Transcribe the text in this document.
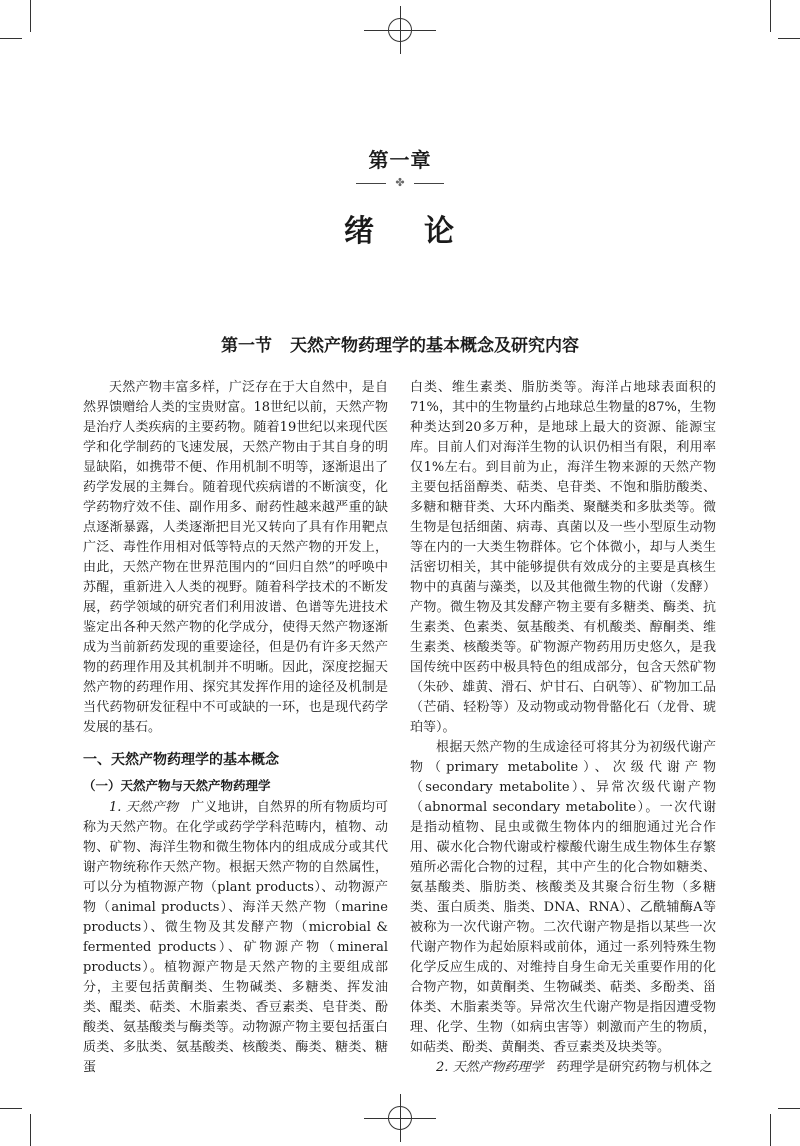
第一章
✤
绪 论
第一节 天然产物药理学的基本概念及研究内容

天然产物丰富多样，广泛存在于大自然中，是自然界馈赠给人类的宝贵财富。18世纪以前，天然产物是治疗人类疾病的主要药物。随着19世纪以来现代医学和化学制药的飞速发展，天然产物由于其自身的明显缺陷，如携带不便、作用机制不明等，逐渐退出了药学发展的主舞台。随着现代疾病谱的不断演变，化学药物疗效不佳、副作用多、耐药性越来越严重的缺点逐渐暴露，人类逐渐把目光又转向了具有作用靶点广泛、毒性作用相对低等特点的天然产物的开发上，由此，天然产物在世界范围内的“回归自然”的呼唤中苏醒，重新进入人类的视野。随着科学技术的不断发展，药学领域的研究者们利用波谱、色谱等先进技术鉴定出各种天然产物的化学成分，使得天然产物逐渐成为当前新药发现的重要途径，但是仍有许多天然产物的药理作用及其机制并不明晰。因此，深度挖掘天然产物的药理作用、探究其发挥作用的途径及机制是当代药物研发征程中不可或缺的一环，也是现代药学发展的基石。

一、天然产物药理学的基本概念
（一）天然产物与天然产物药理学

1. 天然产物 广义地讲，自然界的所有物质均可称为天然产物。在化学或药学学科范畴内，植物、动物、矿物、海洋生物和微生物体内的组成成分或其代谢产物统称作天然产物。根据天然产物的自然属性，可以分为植物源产物（plant products）、动物源产物（animal products）、海洋天然产物（marine products）、微生物及其发酵产物（microbial & fermented products）、矿物源产物（mineral products）。植物源产物是天然产物的主要组成部分，主要包括黄酮类、生物碱类、多糖类、挥发油类、醌类、萜类、木脂素类、香豆素类、皂苷类、酚酸类、氨基酸类与酶类等。动物源产物主要包括蛋白质类、多肽类、氨基酸类、核酸类、酶类、糖类、糖蛋

白类、维生素类、脂肪类等。海洋占地球表面积的71%，其中的生物量约占地球总生物量的87%，生物种类达到20多万种，是地球上最大的资源、能源宝库。目前人们对海洋生物的认识仍相当有限，利用率仅1%左右。到目前为止，海洋生物来源的天然产物主要包括甾醇类、萜类、皂苷类、不饱和脂肪酸类、多糖和糖苷类、大环内酯类、聚醚类和多肽类等。微生物是包括细菌、病毒、真菌以及一些小型原生动物等在内的一大类生物群体。它个体微小，却与人类生活密切相关，其中能够提供有效成分的主要是真核生物中的真菌与藻类，以及其他微生物的代谢（发酵）产物。微生物及其发酵产物主要有多糖类、酶类、抗生素类、色素类、氨基酸类、有机酸类、醇酮类、维生素类、核酸类等。矿物源产物药用历史悠久，是我国传统中医药中极具特色的组成部分，包含天然矿物（朱砂、雄黄、滑石、炉甘石、白矾等）、矿物加工品（芒硝、轻粉等）及动物或动物骨骼化石（龙骨、琥珀等）。

根据天然产物的生成途径可将其分为初级代谢产物（primary metabolite）、次级代谢产物（secondary metabolite）、异常次级代谢产物（abnormal secondary metabolite）。一次代谢是指动植物、昆虫或微生物体内的细胞通过光合作用、碳水化合物代谢或柠檬酸代谢生成生物体生存繁殖所必需化合物的过程，其中产生的化合物如糖类、氨基酸类、脂肪类、核酸类及其聚合衍生物（多糖类、蛋白质类、脂类、DNA、RNA）、乙酰辅酶A等被称为一次代谢产物。二次代谢产物是指以某些一次代谢产物作为起始原料或前体，通过一系列特殊生物化学反应生成的、对维持自身生命无关重要作用的化合物产物，如黄酮类、生物碱类、萜类、多酚类、甾体类、木脂素类等。异常次生代谢产物是指因遭受物理、化学、生物（如病虫害等）刺激而产生的物质，如萜类、酚类、黄酮类、香豆素类及块类等。

2. 天然产物药理学 药理学是研究药物与机体之
